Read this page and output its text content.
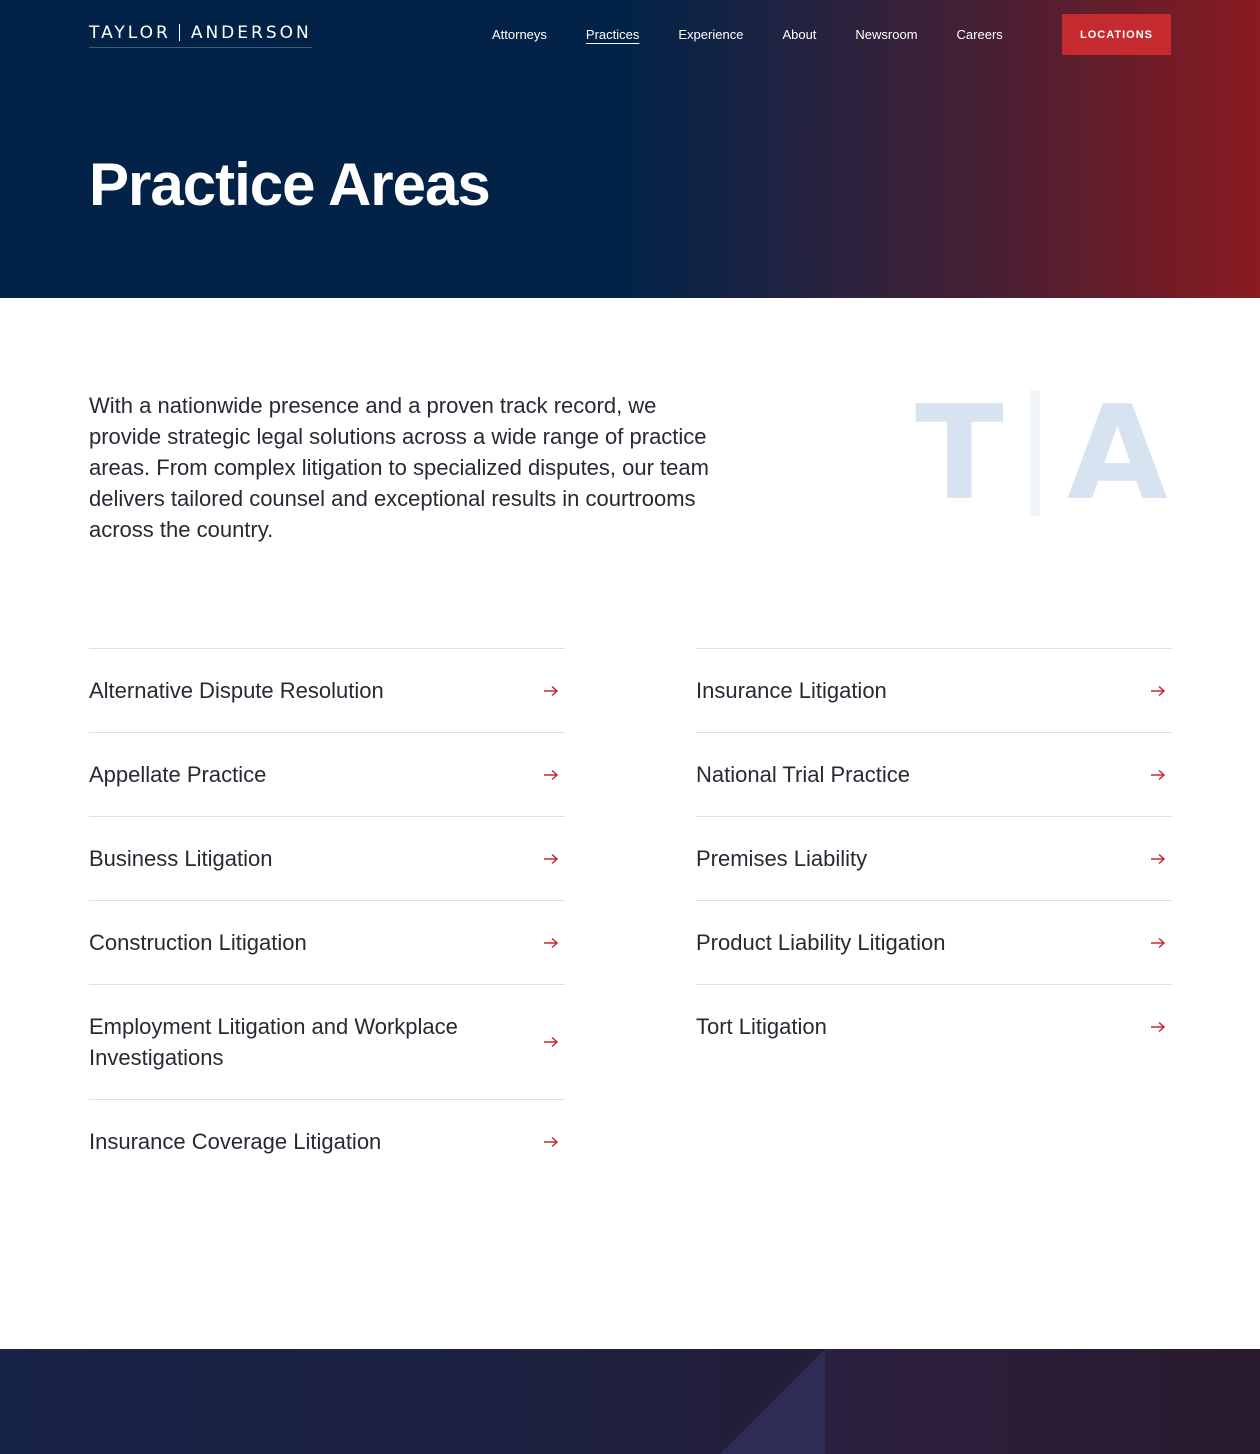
TAYLOR ANDERSON	Attorneys	Practices	Experience	About	Newsroom	Careers	LOCATIONS
Practice Areas

With a nationwide presence and a proven track record, we provide strategic legal solutions across a wide range of practice areas. From complex litigation to specialized disputes, our team delivers tailored counsel and exceptional results in courtrooms across the country.

T A
Alternative Dispute Resolution
Appellate Practice
Business Litigation
Construction Litigation
Employment Litigation and Workplace Investigations
Insurance Coverage Litigation
Insurance Litigation
National Trial Practice
Premises Liability
Product Liability Litigation
Tort Litigation
